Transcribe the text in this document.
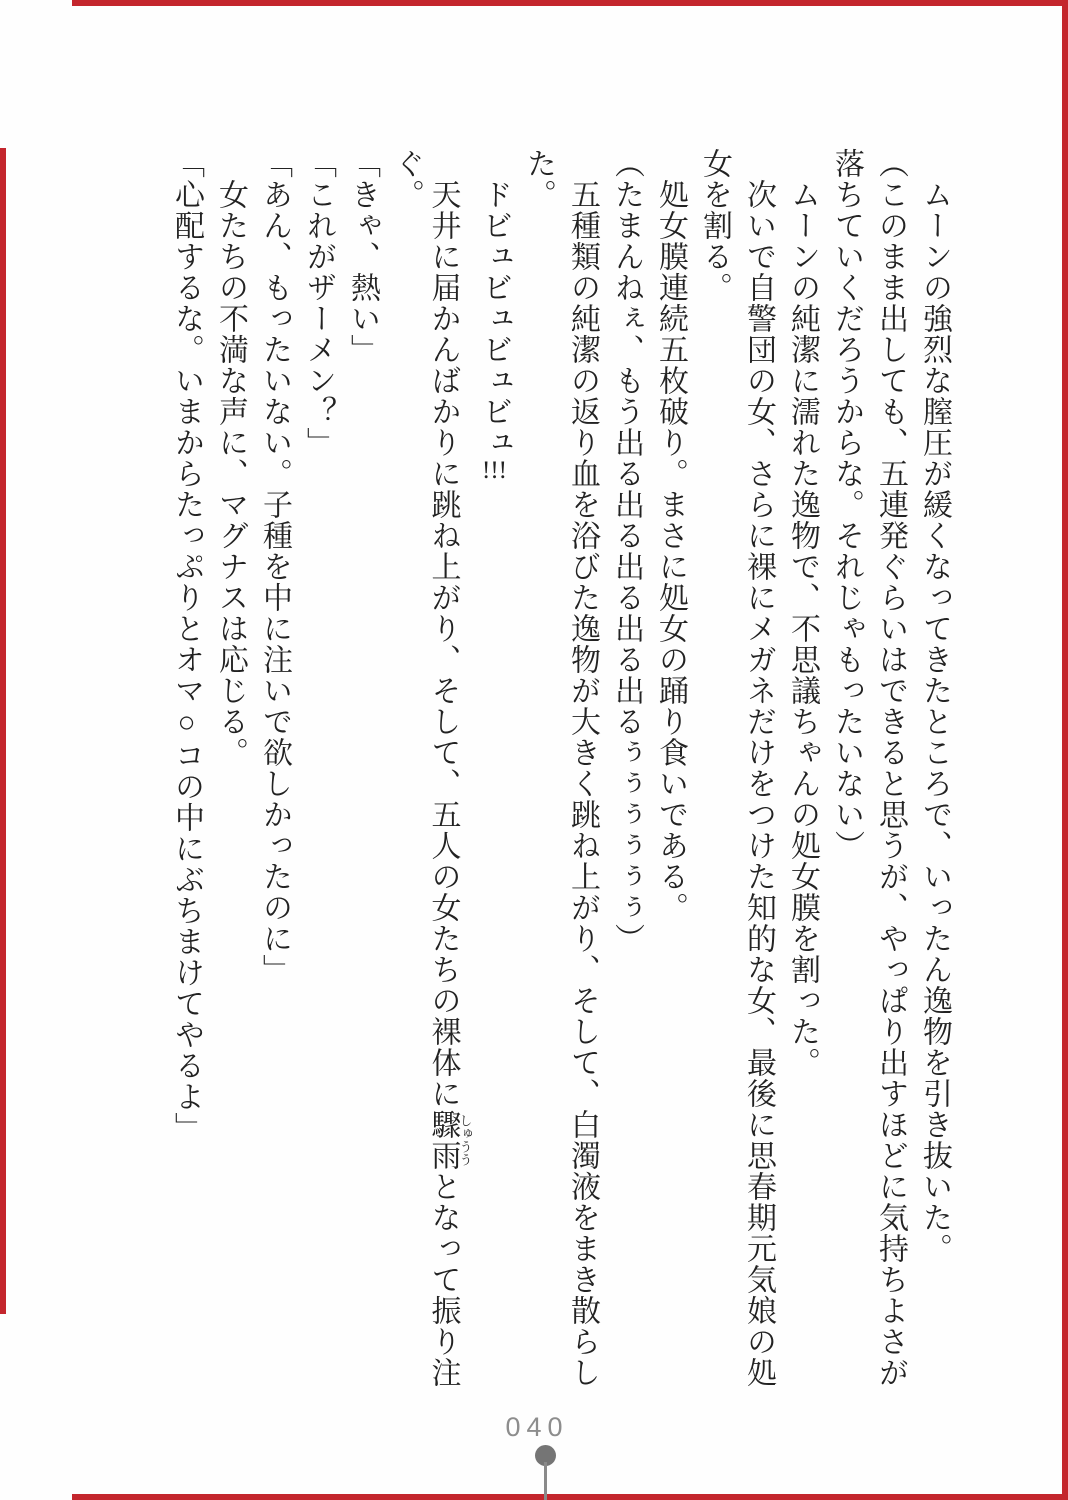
　ムーンの強烈な膣圧が緩くなってきたところで、いったん逸物を引き抜いた。

（このまま出しても、五連発ぐらいはできると思うが、やっぱり出すほどに気持ちよさが

落ちていくだろうからな。それじゃもったいない）

　ムーンの純潔に濡れた逸物で、不思議ちゃんの処女膜を割った。

　次いで自警団の女、さらに裸にメガネだけをつけた知的な女、最後に思春期元気娘の処

女を割る。

　処女膜連続五枚破り。まさに処女の踊り食いである。

（たまんねぇ、もう出る出る出る出る出るぅぅぅぅぅぅ）

　五種類の純潔の返り血を浴びた逸物が大きく跳ね上がり、そして、白濁液をまき散らし

た。

　ドビュビュビュビュ!!!

　天井に届かんばかりに跳ね上がり、そして、五人の女たちの裸体に驟雨しゅううとなって振り注

ぐ。

「きゃ、熱い」

「これがザーメン？」

「あん、もったいない。子種を中に注いで欲しかったのに」

　女たちの不満な声に、マグナスは応じる。

「心配するな。いまからたっぷりとオマ○コの中にぶちまけてやるよ」

040
